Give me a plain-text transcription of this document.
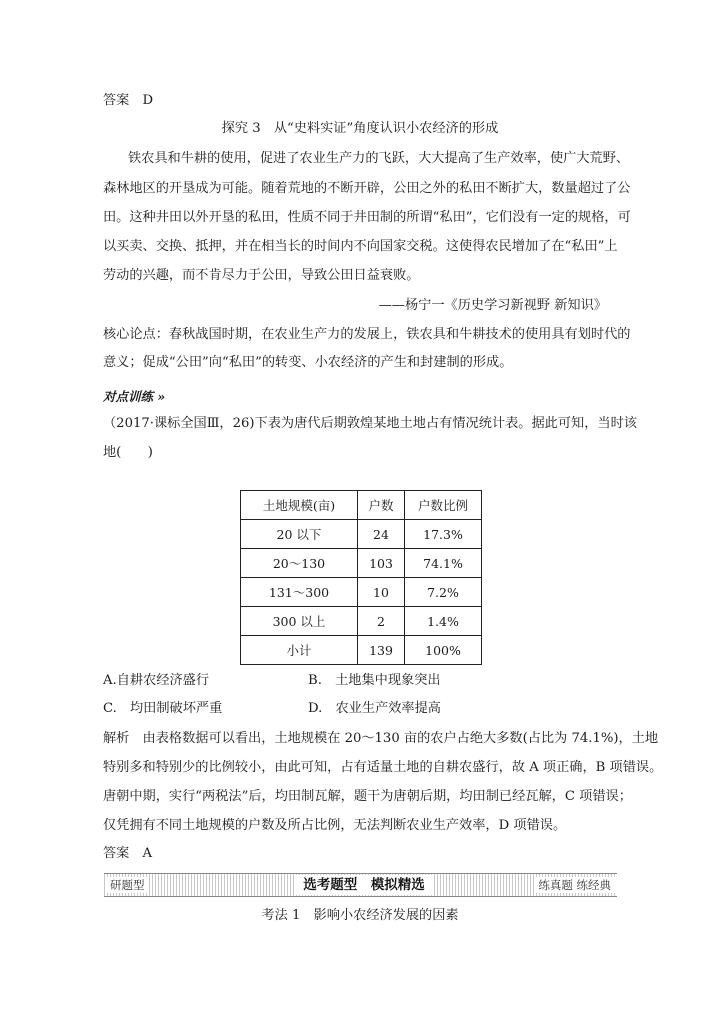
答案　D
探究 3　从“史料实证”角度认识小农经济的形成
铁农具和牛耕的使用，促进了农业生产力的飞跃，大大提高了生产效率，使广大荒野、
森林地区的开垦成为可能。随着荒地的不断开辟，公田之外的私田不断扩大，数量超过了公
田。这种井田以外开垦的私田，性质不同于井田制的所谓“私田”，它们没有一定的规格，可
以买卖、交换、抵押，并在相当长的时间内不向国家交税。这使得农民增加了在“私田”上
劳动的兴趣，而不肯尽力于公田，导致公田日益衰败。
——杨宁一《历史学习新视野 新知识》
核心论点：春秋战国时期，在农业生产力的发展上，铁农具和牛耕技术的使用具有划时代的
意义；促成“公田”向“私田”的转变、小农经济的产生和封建制的形成。
对点训练 »
（2017·课标全国Ⅲ，26)下表为唐代后期敦煌某地土地占有情况统计表。据此可知，当时该
地(　　)
土地规模(亩)	户数	户数比例
20 以下	24	17.3%
20～130	103	74.1%
131～300	10	7.2%
300 以上	2	1.4%
小计	139	100%
A.自耕农经济盛行	B.　土地集中现象突出
C.　均田制破坏严重	D.　农业生产效率提高
解析　由表格数据可以看出，土地规模在 20～130 亩的农户占绝大多数(占比为 74.1%)，土地
特别多和特别少的比例较小，由此可知，占有适量土地的自耕农盛行，故 A 项正确，B 项错误。
唐朝中期，实行“两税法”后，均田制瓦解，题干为唐朝后期，均田制已经瓦解，C 项错误；
仅凭拥有不同土地规模的户数及所占比例，无法判断农业生产效率，D 项错误。
答案　A
研题型	选考题型　模拟精选	练真题 练经典
考法 1　影响小农经济发展的因素
